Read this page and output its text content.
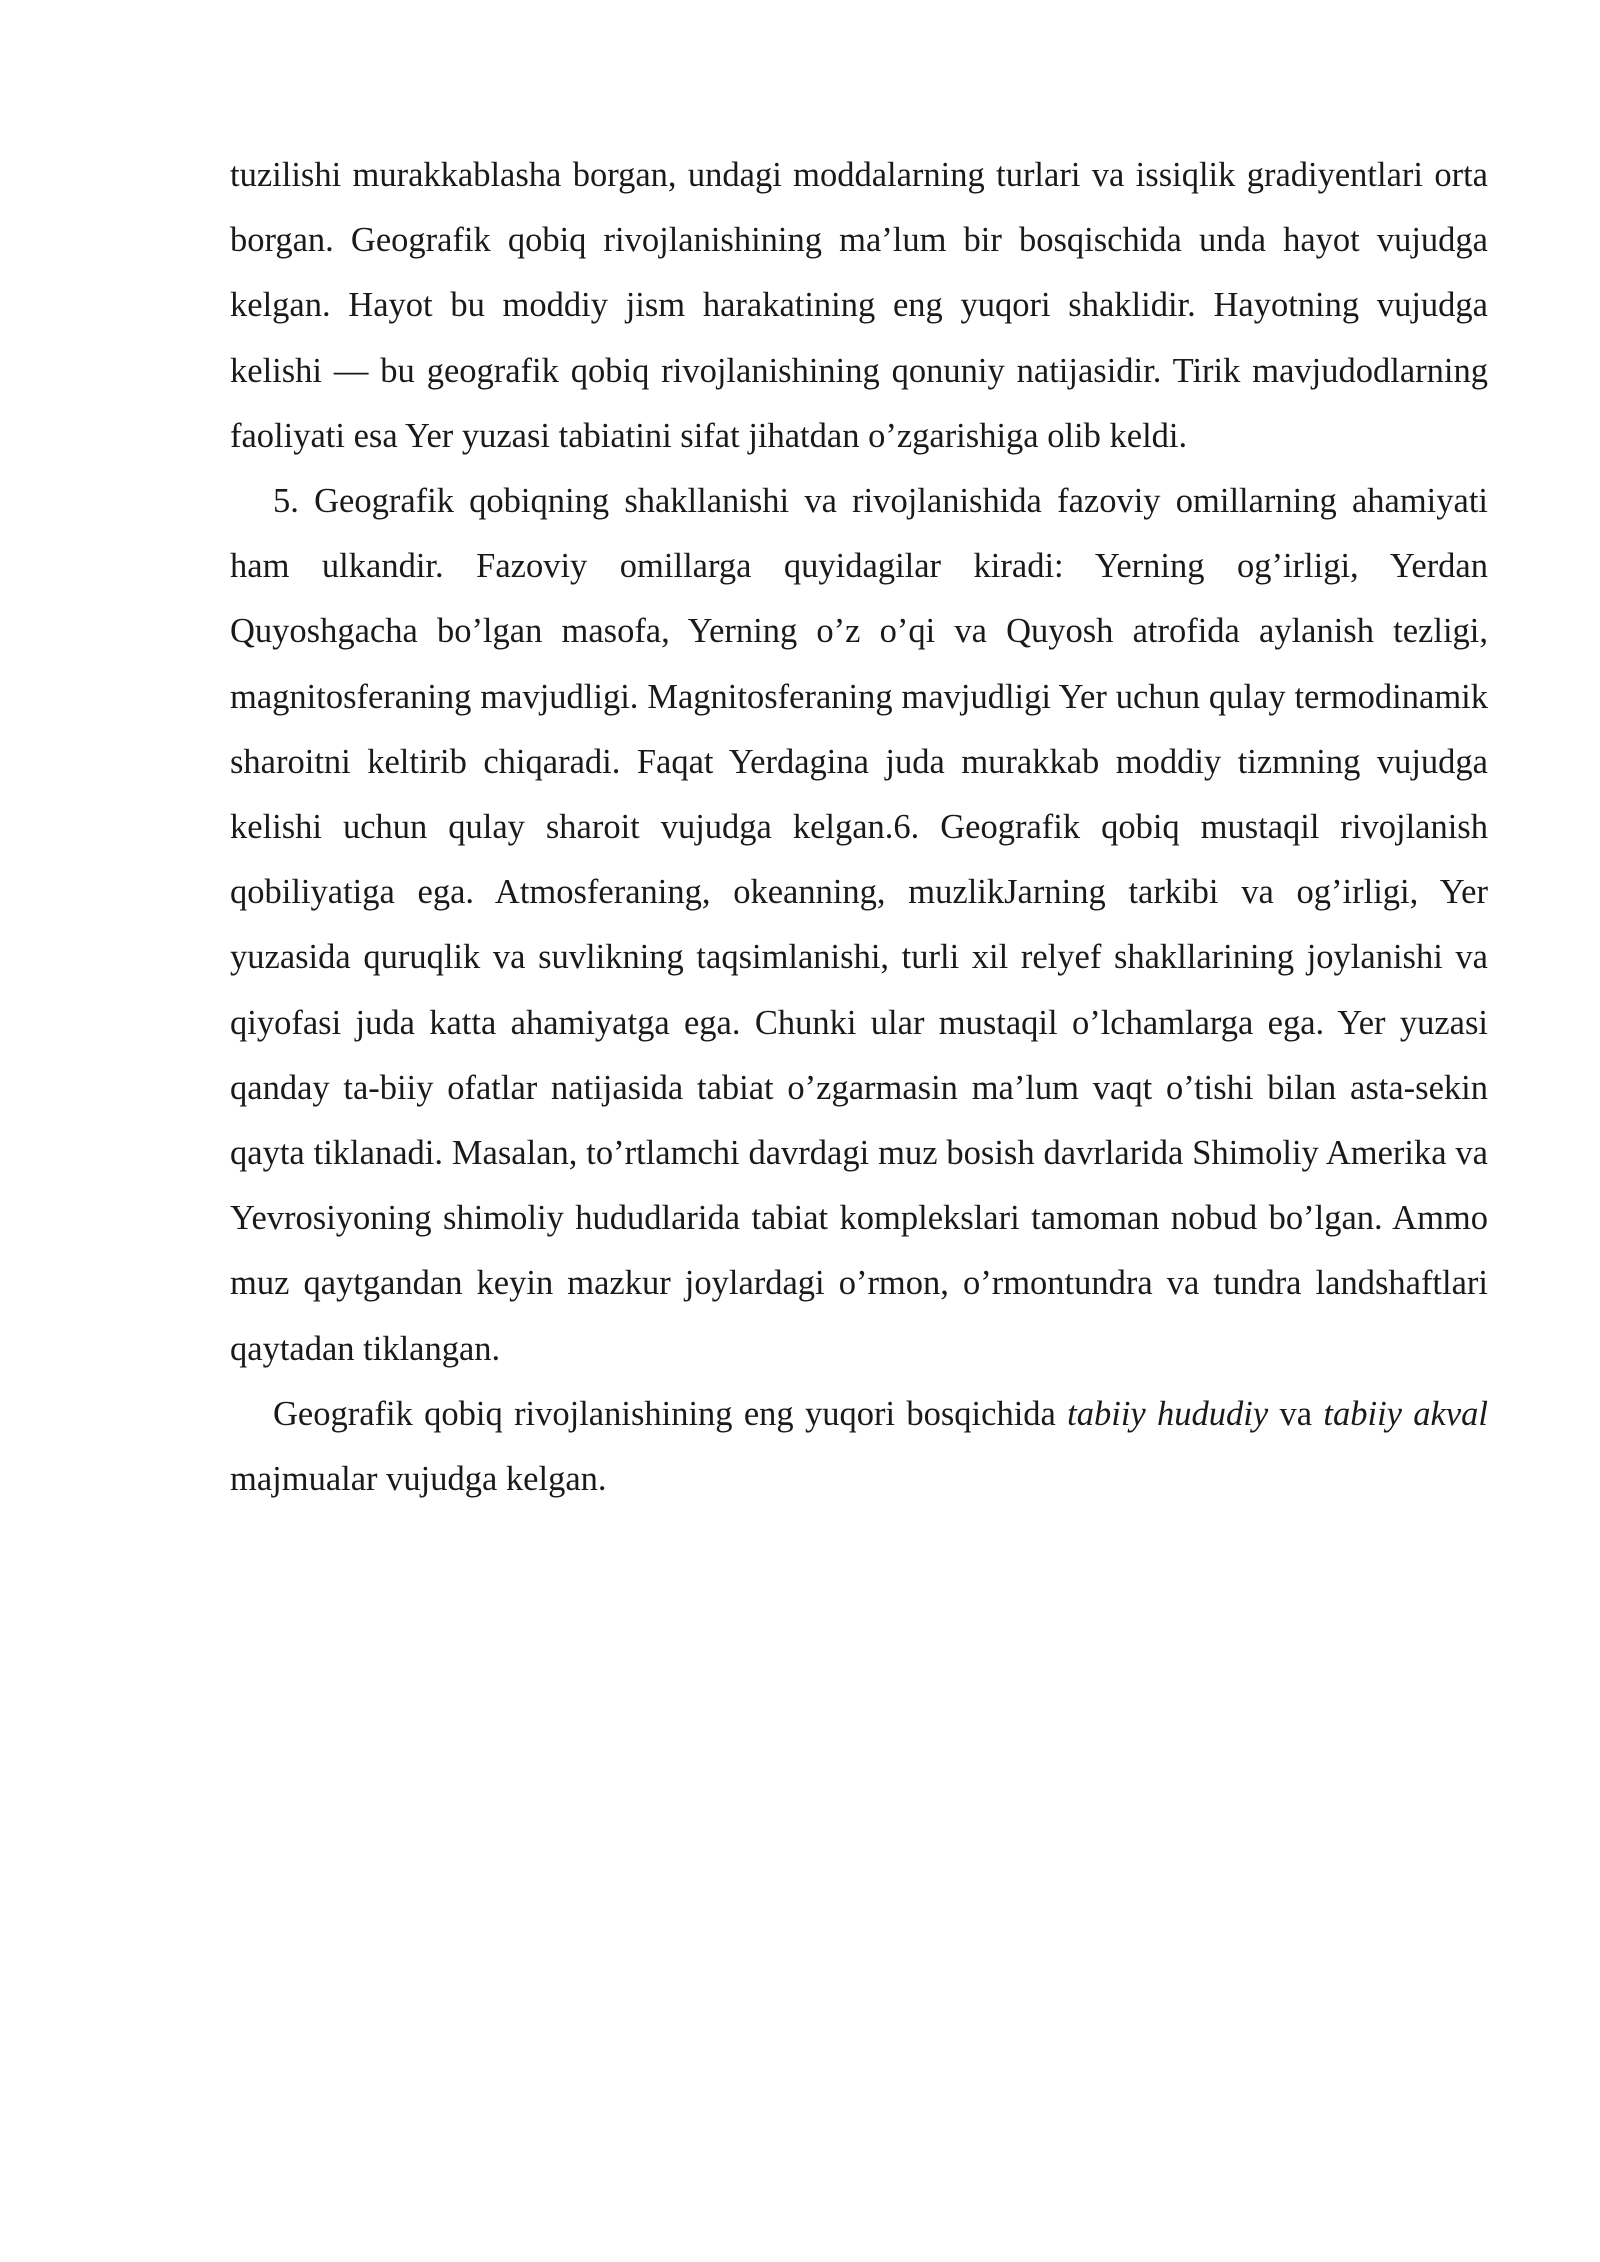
tuzilishi murakkablasha borgan, undagi moddalarning turlari va issiqlik gradiyentlari orta borgan. Geografik qobiq rivojlanishining ma’lum bir bosqischida unda hayot vujudga kelgan. Hayot bu moddiy jism harakatining eng yuqori shaklidir. Hayotning vujudga kelishi — bu geografik qobiq rivojlanishining qonuniy natijasidir. Tirik mavjudodlarning faoliyati esa Yer yuzasi tabiatini sifat jihatdan o’zgarishiga olib keldi.

5. Geografik qobiqning shakllanishi va rivojlanishida fazoviy omillarning ahamiyati ham ulkandir. Fazoviy omillarga quyidagilar kiradi: Yerning og’irligi, Yerdan Quyoshgacha bo’lgan masofa, Yerning o’z o’qi va Quyosh atrofida aylanish tezligi, magnitosferaning mavjudligi. Magnitosferaning mavjudligi Yer uchun qulay termodinamik sharoitni keltirib chiqaradi. Faqat Yerdagina juda murakkab moddiy tizmning vujudga kelishi uchun qulay sharoit vujudga kelgan.6. Geografik qobiq mustaqil rivojlanish qobiliyatiga ega. Atmosferaning, okeanning, muzlikJarning tarkibi va og’irligi, Yer yuzasida quruqlik va suvlikning taqsimlanishi, turli xil relyef shakllarining joylanishi va qiyofasi juda katta ahamiyatga ega. Chunki ular mustaqil o’lchamlarga ega. Yer yuzasi qanday ta-biiy ofatlar natijasida tabiat o’zgarmasin ma’lum vaqt o’tishi bilan asta-sekin qayta tiklanadi. Masalan, to’rtlamchi davrdagi muz bosish davrlarida Shimoliy Amerika va Yevrosiyoning shimoliy hududlarida tabiat komplekslari tamoman nobud bo’lgan. Ammo muz qaytgandan keyin mazkur joylardagi o’rmon, o’rmontundra va tundra landshaftlari qaytadan tiklangan.

Geografik qobiq rivojlanishining eng yuqori bosqichida tabiiy hududiy va tabiiy akval majmualar vujudga kelgan.
